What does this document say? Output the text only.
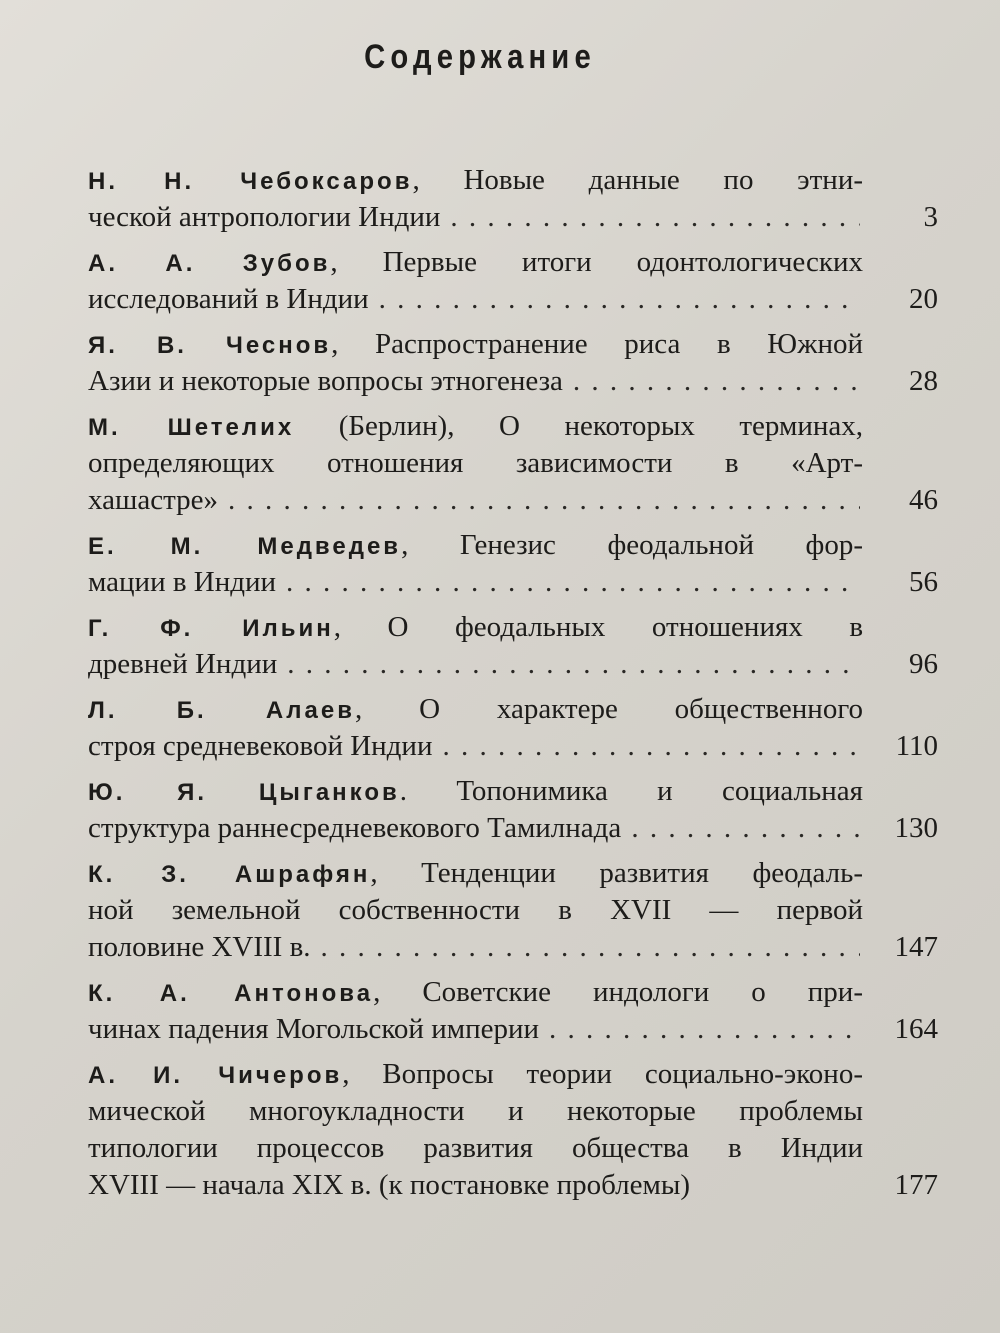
Содержание
Н. Н. Чебоксаров, Новые данные по этни-
ческой антропологии Индии . . .	3
А. А. Зубов, Первые итоги одонтологических
исследований в Индии . . .	20
Я. В. Чеснов, Распространение риса в Южной
Азии и некоторые вопросы этногенеза . . .	28
М. Шетелих (Берлин), О некоторых терминах,
определяющих отношения зависимости в «Арт-
хашастре» . . .	46
Е. М. Медведев, Генезис феодальной фор-
мации в Индии . . .	56
Г. Ф. Ильин, О феодальных отношениях в
древней Индии . . .	96
Л. Б. Алаев, О характере общественного
строя средневековой Индии . . .	110
Ю. Я. Цыганков. Топонимика и социальная
структура раннесредневекового Тамилнада . . .	130
К. З. Ашрафян, Тенденции развития феодаль-
ной земельной собственности в XVII — первой
половине XVIII в. . . .	147
К. А. Антонова, Советские индологи о при-
чинах падения Могольской империи . . .	164
А. И. Чичеров, Вопросы теории социально-эконо-
мической многоукладности и некоторые проблемы
типологии процессов развития общества в Индии
XVIII — начала XIX в. (к постановке проблемы)	177
